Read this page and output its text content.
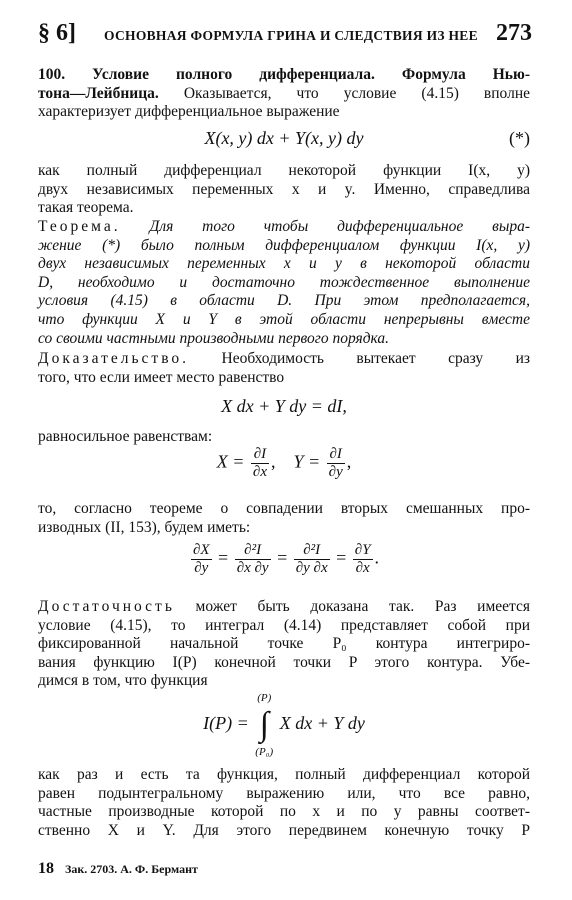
§ 6] ОСНОВНАЯ ФОРМУЛА ГРИНА И СЛЕДСТВИЯ ИЗ НЕЕ 273
100. Условие полного дифференциала. Формула Нью-
тона—Лейбница. Оказывается, что условие (4.15) вполне
характеризует дифференциальное выражение
X(x, y) dx + Y(x, y) dy	(*)
как полный дифференциал некоторой функции I(x, y)
двух независимых переменных x и y. Именно, справедлива
такая теорема.
Теорема. Для того чтобы дифференциальное выра-
жение (*) было полным дифференциалом функции I(x, y)
двух независимых переменных x и y в некоторой области
D, необходимо и достаточно тождественное выполнение
условия (4.15) в области D. При этом предполагается,
что функции X и Y в этой области непрерывны вместе
со своими частными производными первого порядка.
Доказательство. Необходимость вытекает сразу из
того, что если имеет место равенство
X dx + Y dy = dI,
равносильное равенствам:
$X = \frac{\partial I}{\partial x}$ , $Y = \frac{\partial I}{\partial y}$ ,
то, согласно теореме о совпадении вторых смешанных про-
изводных (II, 153), будем иметь:
$\frac{\partial X}{\partial y} = \frac{\text{∂²I}}{\partial x \partial y} = \frac{\text{∂²I}}{\partial y \partial x} = \frac{\partial Y}{\partial x}$ .
Достаточность может быть доказана так. Раз имеется
условие (4.15), то интеграл (4.14) представляет собой при
фиксированной начальной точке P₀ контура интегриро-
вания функцию I(P) конечной точки P этого контура. Убе-
димся в том, что функция
I(P) =
(P)
∫
(P₀)
X dx + Y dy
как раз и есть та функция, полный дифференциал которой
равен подынтегральному выражению или, что все равно,
частные производные которой по x и по y равны соответ-
ственно X и Y. Для этого передвинем конечную точку P
18 Зак. 2703. А. Ф. Бермант
